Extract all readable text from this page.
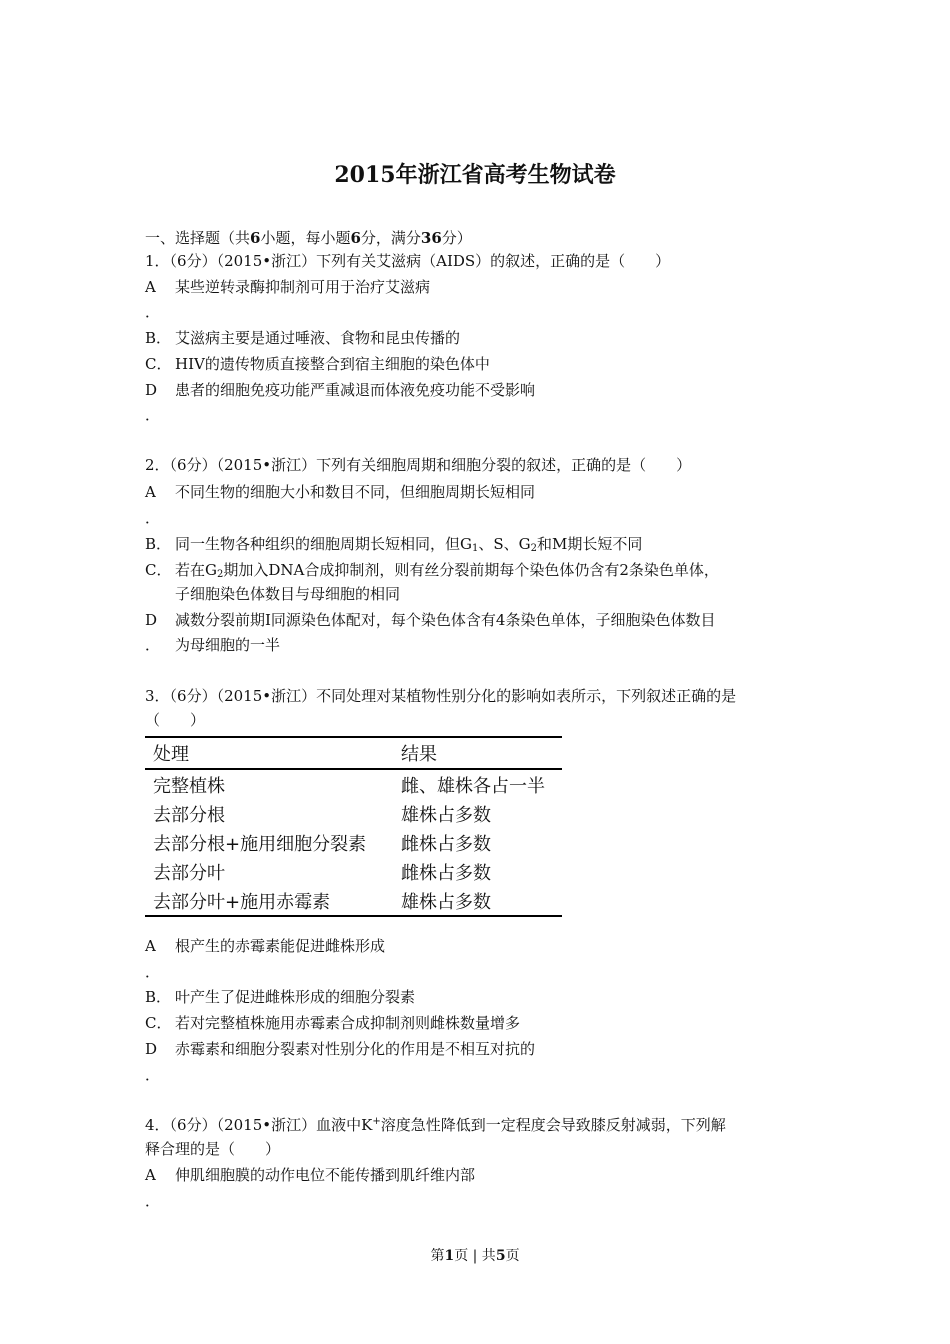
2015年浙江省高考生物试卷
一、选择题（共6小题，每小题6分，满分36分）
1．（6分）（2015•浙江）下列有关艾滋病（AIDS）的叙述，正确的是（　　）
A 某些逆转录酶抑制剂可用于治疗艾滋病
．
B． 艾滋病主要是通过唾液、食物和昆虫传播的
C． HIV的遗传物质直接整合到宿主细胞的染色体中
D 患者的细胞免疫功能严重减退而体液免疫功能不受影响
．
2．（6分）（2015•浙江）下列有关细胞周期和细胞分裂的叙述，正确的是（　　）
A 不同生物的细胞大小和数目不同，但细胞周期长短相同
．
B． 同一生物各种组织的细胞周期长短相同，但$G_1$、S、$G_2$和M期长短不同
C． 若在$G_2$期加入DNA合成抑制剂，则有丝分裂前期每个染色体仍含有2条染色单体，
子细胞染色体数目与母细胞的相同
D 减数分裂前期Ⅰ同源染色体配对，每个染色体含有4条染色单体，子细胞染色体数目
． 为母细胞的一半
3．（6分）（2015•浙江）不同处理对某植物性别分化的影响如表所示，下列叙述正确的是
（　　）
处理	结果
完整植株	雌、雄株各占一半
去部分根	雄株占多数
去部分根+施用细胞分裂素	雌株占多数
去部分叶	雌株占多数
去部分叶+施用赤霉素	雄株占多数
A 根产生的赤霉素能促进雌株形成
．
B． 叶产生了促进雌株形成的细胞分裂素
C． 若对完整植株施用赤霉素合成抑制剂则雌株数量增多
D 赤霉素和细胞分裂素对性别分化的作用是不相互对抗的
．
4．（6分）（2015•浙江）血液中K+溶度急性降低到一定程度会导致膝反射减弱，下列解
释合理的是（　　）
A 伸肌细胞膜的动作电位不能传播到肌纤维内部
．
第1页 | 共5页
